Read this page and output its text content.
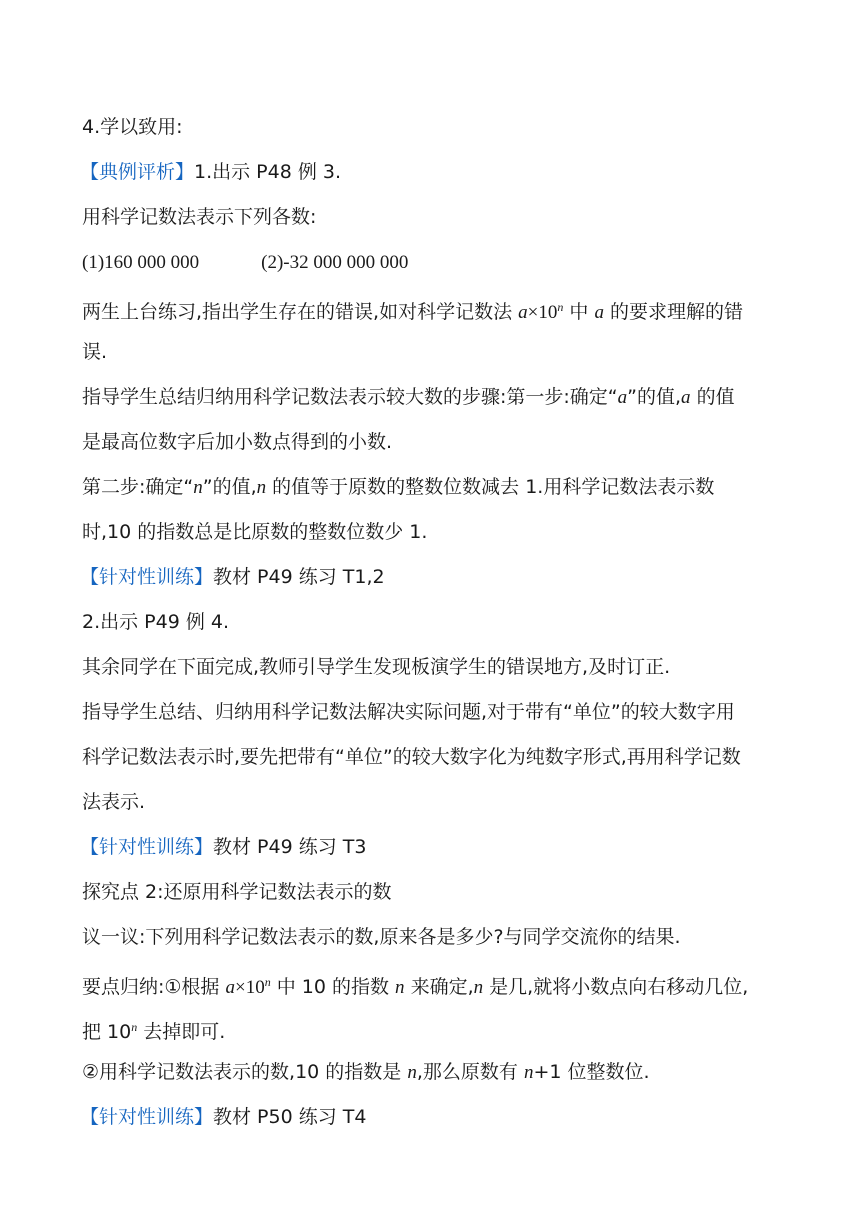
4.学以致用:
【典例评析】1.出示 P48 例 3.
用科学记数法表示下列各数:
(1)160 000 000	(2)-32 000 000 000
两生上台练习,指出学生存在的错误,如对科学记数法 $a\times 10^n$ 中 a 的要求理解的错
误.
指导学生总结归纳用科学记数法表示较大数的步骤:第一步:确定“a”的值,a 的值
是最高位数字后加小数点得到的小数.
第二步:确定“n”的值,n 的值等于原数的整数位数减去 1.用科学记数法表示数
时,10 的指数总是比原数的整数位数少 1.
【针对性训练】教材 P49 练习 T1,2
2.出示 P49 例 4.
其余同学在下面完成,教师引导学生发现板演学生的错误地方,及时订正.
指导学生总结、归纳用科学记数法解决实际问题,对于带有“单位”的较大数字用
科学记数法表示时,要先把带有“单位”的较大数字化为纯数字形式,再用科学记数
法表示.
【针对性训练】教材 P49 练习 T3
探究点 2:还原用科学记数法表示的数
议一议:下列用科学记数法表示的数,原来各是多少?与同学交流你的结果.
要点归纳:①根据 $a\times 10^n$ 中 10 的指数 n 来确定,n 是几,就将小数点向右移动几位,
把 10$^n$ 去掉即可.
②用科学记数法表示的数,10 的指数是 n,那么原数有 n+1 位整数位.
【针对性训练】教材 P50 练习 T4
